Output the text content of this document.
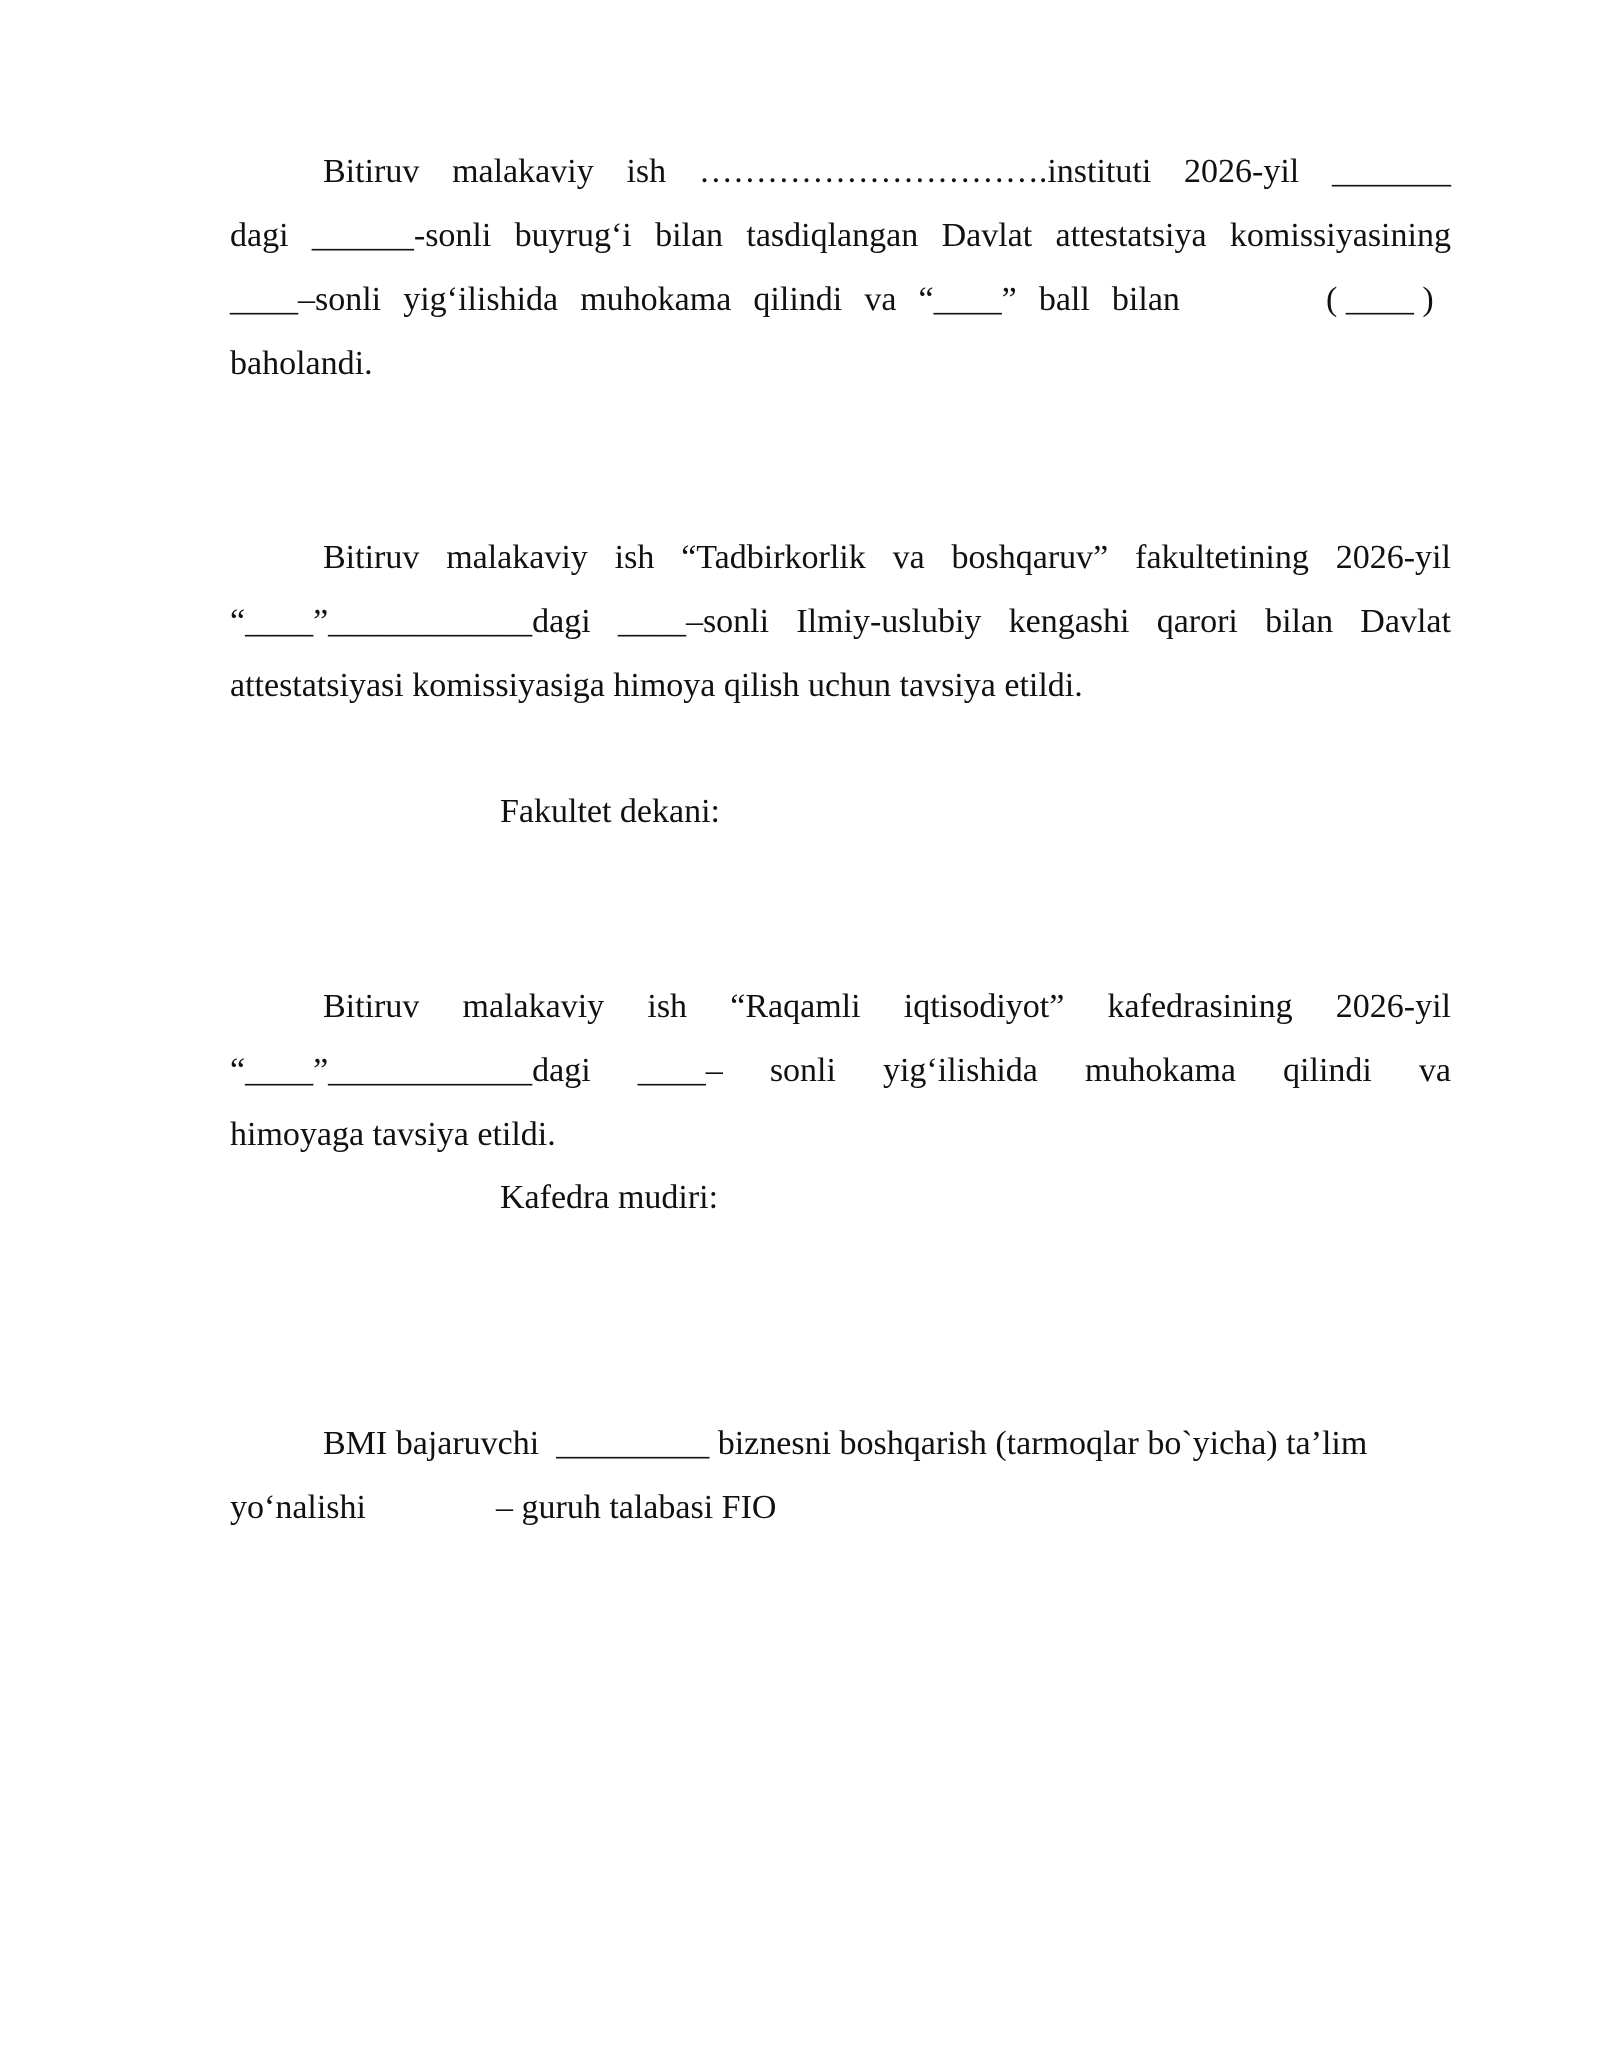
Bitiruv malakaviy ish ………………………….instituti 2026-yil _______
dagi ______-sonli buyrug‘i bilan tasdiqlangan Davlat attestatsiya komissiyasining
____–sonli yig‘ilishida muhokama qilindi va “____” ball bilan	( ____ )
baholandi.
Bitiruv malakaviy ish “Tadbirkorlik va boshqaruv” fakultetining 2026-yil
“____”____________dagi ____–sonli Ilmiy-uslubiy kengashi qarori bilan Davlat
attestatsiyasi komissiyasiga himoya qilish uchun tavsiya etildi.
Fakultet dekani:
Bitiruv malakaviy ish “Raqamli iqtisodiyot” kafedrasining 2026-yil
“____”____________dagi ____– sonli yig‘ilishida muhokama qilindi va
himoyaga tavsiya etildi.
Kafedra mudiri:
BMI bajaruvchi  _________ biznesni boshqarish (tarmoqlar bo`yicha) ta’lim
yo‘nalishi	– guruh talabasi FIO
